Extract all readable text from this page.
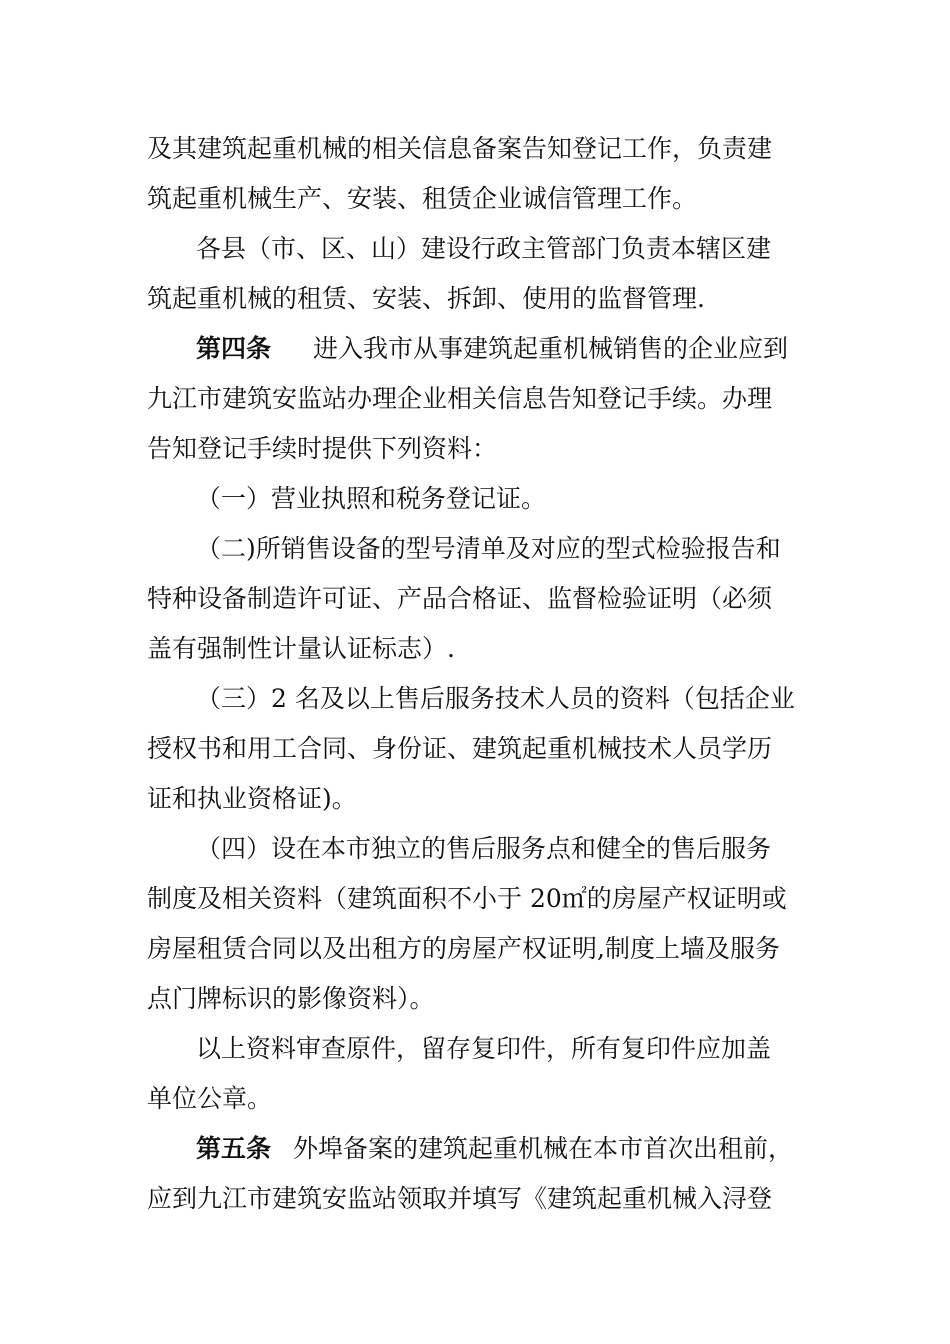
及其建筑起重机械的相关信息备案告知登记工作，负责建
筑起重机械生产、安装、租赁企业诚信管理工作。
各县（市、区、山）建设行政主管部门负责本辖区建
筑起重机械的租赁、安装、拆卸、使用的监督管理.
第四条 进入我市从事建筑起重机械销售的企业应到
九江市建筑安监站办理企业相关信息告知登记手续。办理
告知登记手续时提供下列资料：
（一）营业执照和税务登记证。
（二)所销售设备的型号清单及对应的型式检验报告和
特种设备制造许可证、产品合格证、监督检验证明（必须
盖有强制性计量认证标志）.
（三）2 名及以上售后服务技术人员的资料（包括企业
授权书和用工合同、身份证、建筑起重机械技术人员学历
证和执业资格证)。
（四）设在本市独立的售后服务点和健全的售后服务
制度及相关资料（建筑面积不小于 20㎡的房屋产权证明或
房屋租赁合同以及出租方的房屋产权证明,制度上墙及服务
点门牌标识的影像资料）。
以上资料审查原件，留存复印件，所有复印件应加盖
单位公章。
第五条 外埠备案的建筑起重机械在本市首次出租前，
应到九江市建筑安监站领取并填写《建筑起重机械入浔登
